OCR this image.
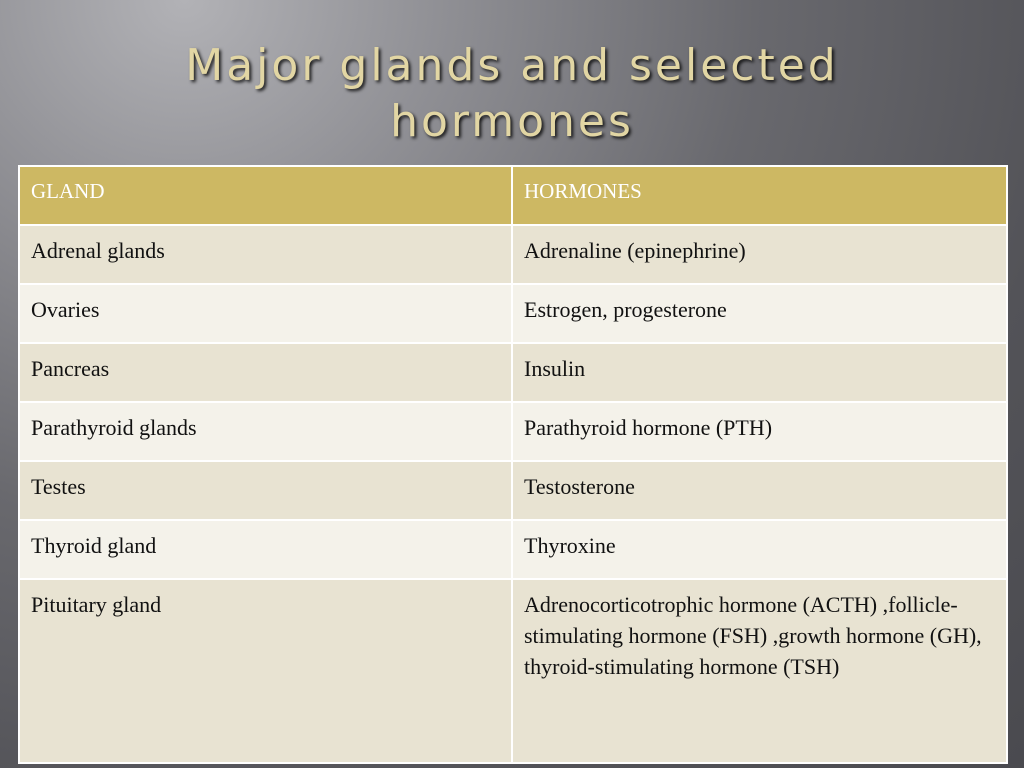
Major glands and selected
hormones
GLAND	HORMONES
Adrenal glands	Adrenaline (epinephrine)
Ovaries	Estrogen, progesterone
Pancreas	Insulin
Parathyroid glands	Parathyroid hormone (PTH)
Testes	Testosterone
Thyroid gland	Thyroxine
Pituitary gland	Adrenocorticotrophic hormone (ACTH) ,follicle-stimulating hormone (FSH) ,growth hormone (GH), thyroid-stimulating hormone (TSH)
